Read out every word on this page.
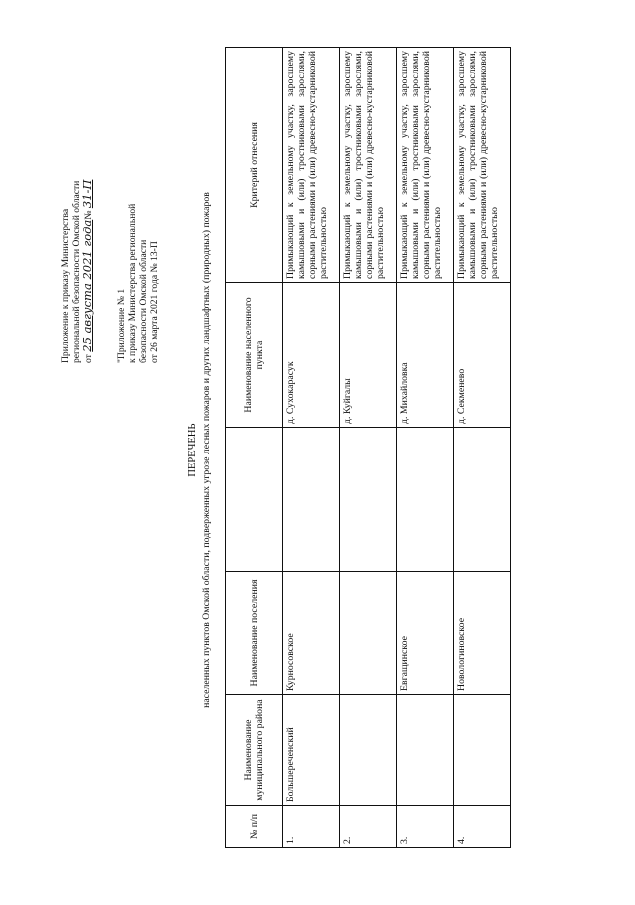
Приложение к приказу Министерства региональной безопасности Омской области от 25 августа 2021 года№ 31-П
"Приложение № 1 к приказу Министерства региональной безопасности Омской области от 26 марта 2021 года № 13-П
ПЕРЕЧЕНЬ населенных пунктов Омской области, подверженных угрозе лесных пожаров и других ландшафтных (природных) пожаров
№ п/п	Наименование муниципального района	Наименование поселения		Наименование населенного пункта	Критерий отнесения
1.	Большереченский	Курносовское		д. Сухокарасук	Примыкающий к земельному участку, заросшему камышовыми и (или) тростниковыми зарослями, сорными растениями и (или) древесно-кустарниковой растительностью
2.				д. Куйгалы	Примыкающий к земельному участку, заросшему камышовыми и (или) тростниковыми зарослями, сорными растениями и (или) древесно-кустарниковой растительностью
3.		Евгащинское		д. Михайловка	Примыкающий к земельному участку, заросшему камышовыми и (или) тростниковыми зарослями, сорными растениями и (или) древесно-кустарниковой растительностью
4.		Новологиновское		д. Секменево	Примыкающий к земельному участку, заросшему камышовыми и (или) тростниковыми зарослями, сорными растениями и (или) древесно-кустарниковой растительностью
